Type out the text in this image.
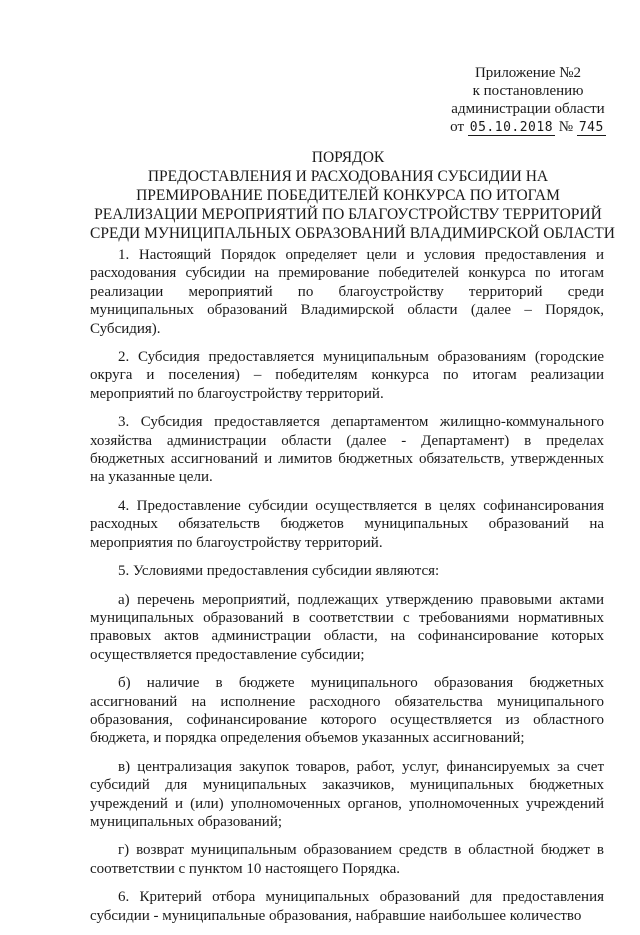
Приложение №2
к постановлению
администрации области
от 05.10.2018 № 745
ПОРЯДОК
ПРЕДОСТАВЛЕНИЯ И РАСХОДОВАНИЯ СУБСИДИИ НА
ПРЕМИРОВАНИЕ ПОБЕДИТЕЛЕЙ КОНКУРСА ПО ИТОГАМ
РЕАЛИЗАЦИИ МЕРОПРИЯТИЙ ПО БЛАГОУСТРОЙСТВУ ТЕРРИТОРИЙ
СРЕДИ МУНИЦИПАЛЬНЫХ ОБРАЗОВАНИЙ ВЛАДИМИРСКОЙ ОБЛАСТИ

1. Настоящий Порядок определяет цели и условия предоставления и расходования субсидии на премирование победителей конкурса по итогам реализации мероприятий по благоустройству территорий среди муниципальных образований Владимирской области (далее – Порядок, Субсидия).

2. Субсидия предоставляется муниципальным образованиям (городские округа и поселения) – победителям конкурса по итогам реализации мероприятий по благоустройству территорий.

3. Субсидия предоставляется департаментом жилищно-коммунального хозяйства администрации области (далее - Департамент) в пределах бюджетных ассигнований и лимитов бюджетных обязательств, утвержденных на указанные цели.

4. Предоставление субсидии осуществляется в целях софинансирования расходных обязательств бюджетов муниципальных образований на мероприятия по благоустройству территорий.

5. Условиями предоставления субсидии являются:

а) перечень мероприятий, подлежащих утверждению правовыми актами муниципальных образований в соответствии с требованиями нормативных правовых актов администрации области, на софинансирование которых осуществляется предоставление субсидии;

б) наличие в бюджете муниципального образования бюджетных ассигнований на исполнение расходного обязательства муниципального образования, софинансирование которого осуществляется из областного бюджета, и порядка определения объемов указанных ассигнований;

в) централизация закупок товаров, работ, услуг, финансируемых за счет субсидий для муниципальных заказчиков, муниципальных бюджетных учреждений и (или) уполномоченных органов, уполномоченных учреждений муниципальных образований;

г) возврат муниципальным образованием средств в областной бюджет в соответствии с пунктом 10 настоящего Порядка.

6. Критерий отбора муниципальных образований для предоставления субсидии - муниципальные образования, набравшие наибольшее количество
